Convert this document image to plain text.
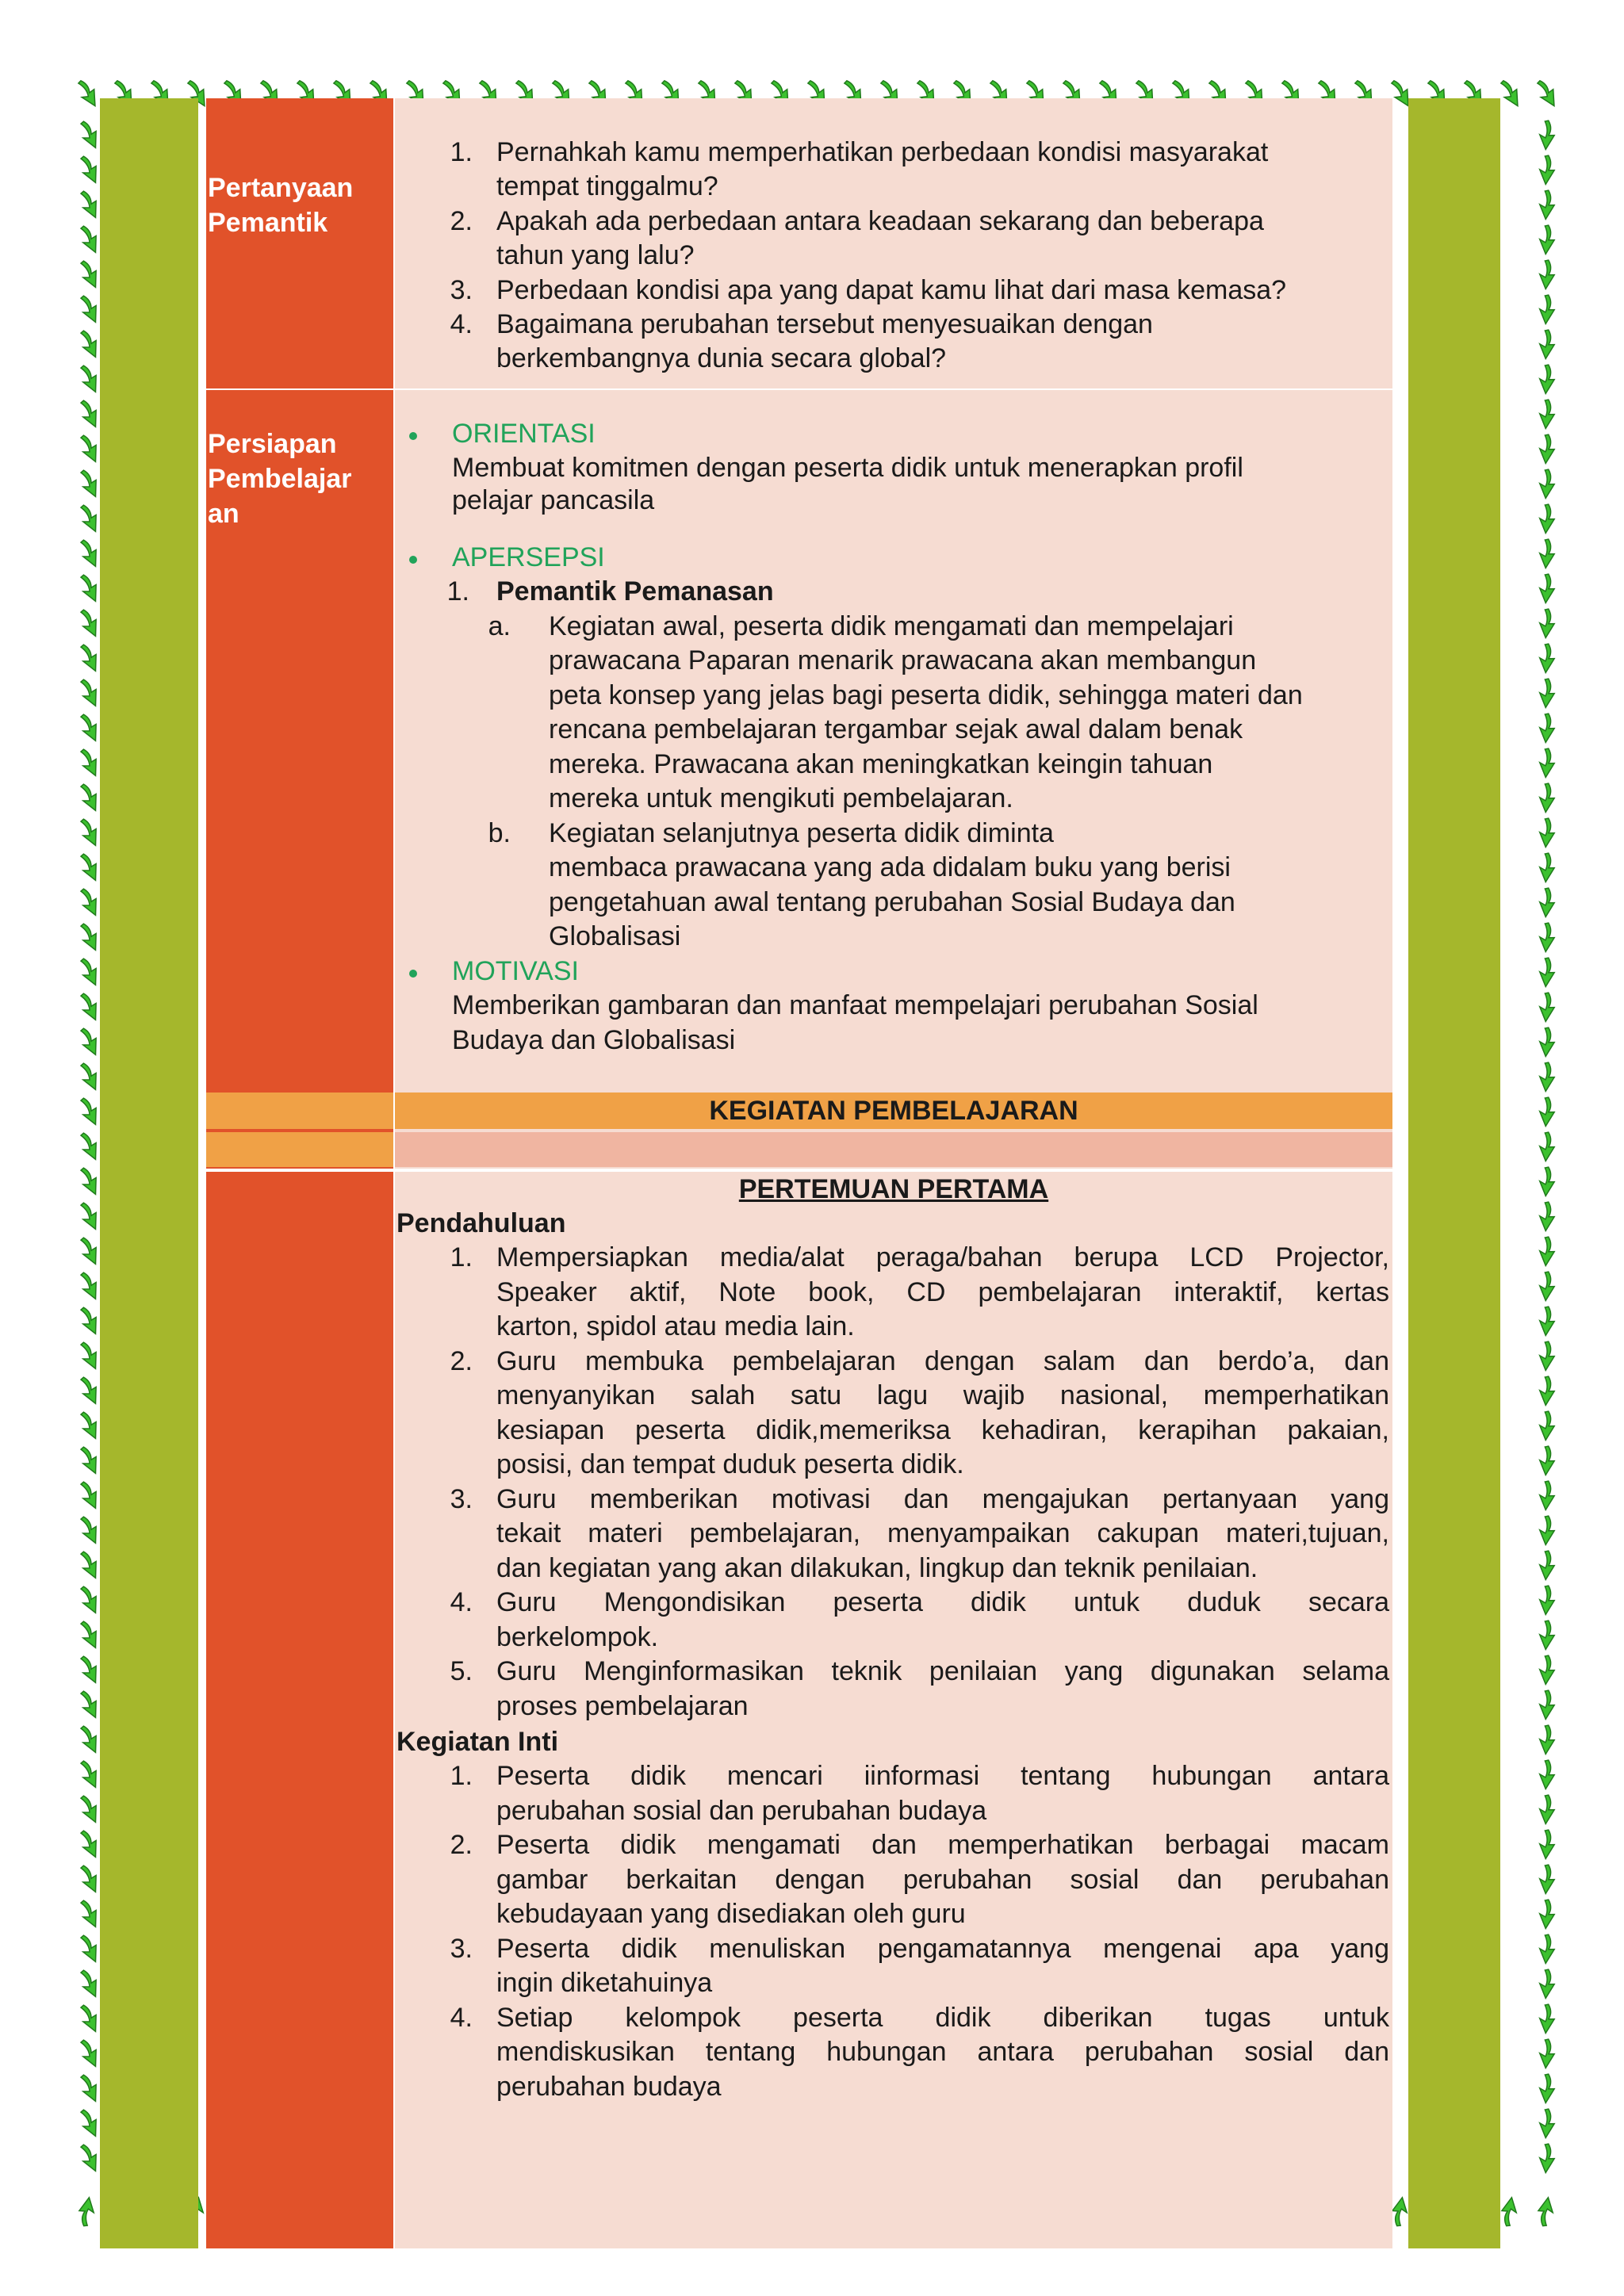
Pertanyaan Pemantik
1. Pernahkah kamu memperhatikan perbedaan kondisi masyarakat
tempat tinggalmu?
2. Apakah ada perbedaan antara keadaan sekarang dan beberapa
tahun yang lalu?
3. Perbedaan kondisi apa yang dapat kamu lihat dari masa kemasa?
4. Bagaimana perubahan tersebut menyesuaikan dengan
berkembangnya dunia secara global?
Persiapan
Pembelajar
an
ORIENTASI
Membuat komitmen dengan peserta didik untuk menerapkan profil
pelajar pancasila
APERSEPSI
1. Pemantik Pemanasan
a. Kegiatan awal, peserta didik mengamati dan mempelajari
prawacana Paparan menarik prawacana akan membangun
peta konsep yang jelas bagi peserta didik, sehingga materi dan
rencana pembelajaran tergambar sejak awal dalam benak
mereka. Prawacana akan meningkatkan keingin tahuan
mereka untuk mengikuti pembelajaran.
b. Kegiatan selanjutnya peserta didik diminta
membaca prawacana yang ada didalam buku yang berisi
pengetahuan awal tentang perubahan Sosial Budaya dan
Globalisasi
MOTIVASI
Memberikan gambaran dan manfaat mempelajari perubahan Sosial
Budaya dan Globalisasi
KEGIATAN PEMBELAJARAN
PERTEMUAN PERTAMA
Pendahuluan
1. Mempersiapkan media/alat peraga/bahan berupa LCD Projector,
Speaker aktif, Note book, CD pembelajaran interaktif, kertas
karton, spidol atau media lain.
2. Guru membuka pembelajaran dengan salam dan berdo’a, dan
menyanyikan salah satu lagu wajib nasional, memperhatikan
kesiapan peserta didik,memeriksa kehadiran, kerapihan pakaian,
posisi, dan tempat duduk peserta didik.
3. Guru memberikan motivasi dan mengajukan pertanyaan yang
tekait materi pembelajaran, menyampaikan cakupan materi,tujuan,
dan kegiatan yang akan dilakukan, lingkup dan teknik penilaian.
4. Guru Mengondisikan peserta didik untuk duduk secara
berkelompok.
5. Guru Menginformasikan teknik penilaian yang digunakan selama
proses pembelajaran
Kegiatan Inti
1. Peserta didik mencari iinformasi tentang hubungan antara
perubahan sosial dan perubahan budaya
2. Peserta didik mengamati dan memperhatikan berbagai macam
gambar berkaitan dengan perubahan sosial dan perubahan
kebudayaan yang disediakan oleh guru
3. Peserta didik menuliskan pengamatannya mengenai apa yang
ingin diketahuinya
4. Setiap kelompok peserta didik diberikan tugas untuk
mendiskusikan tentang hubungan antara perubahan sosial dan
perubahan budaya
